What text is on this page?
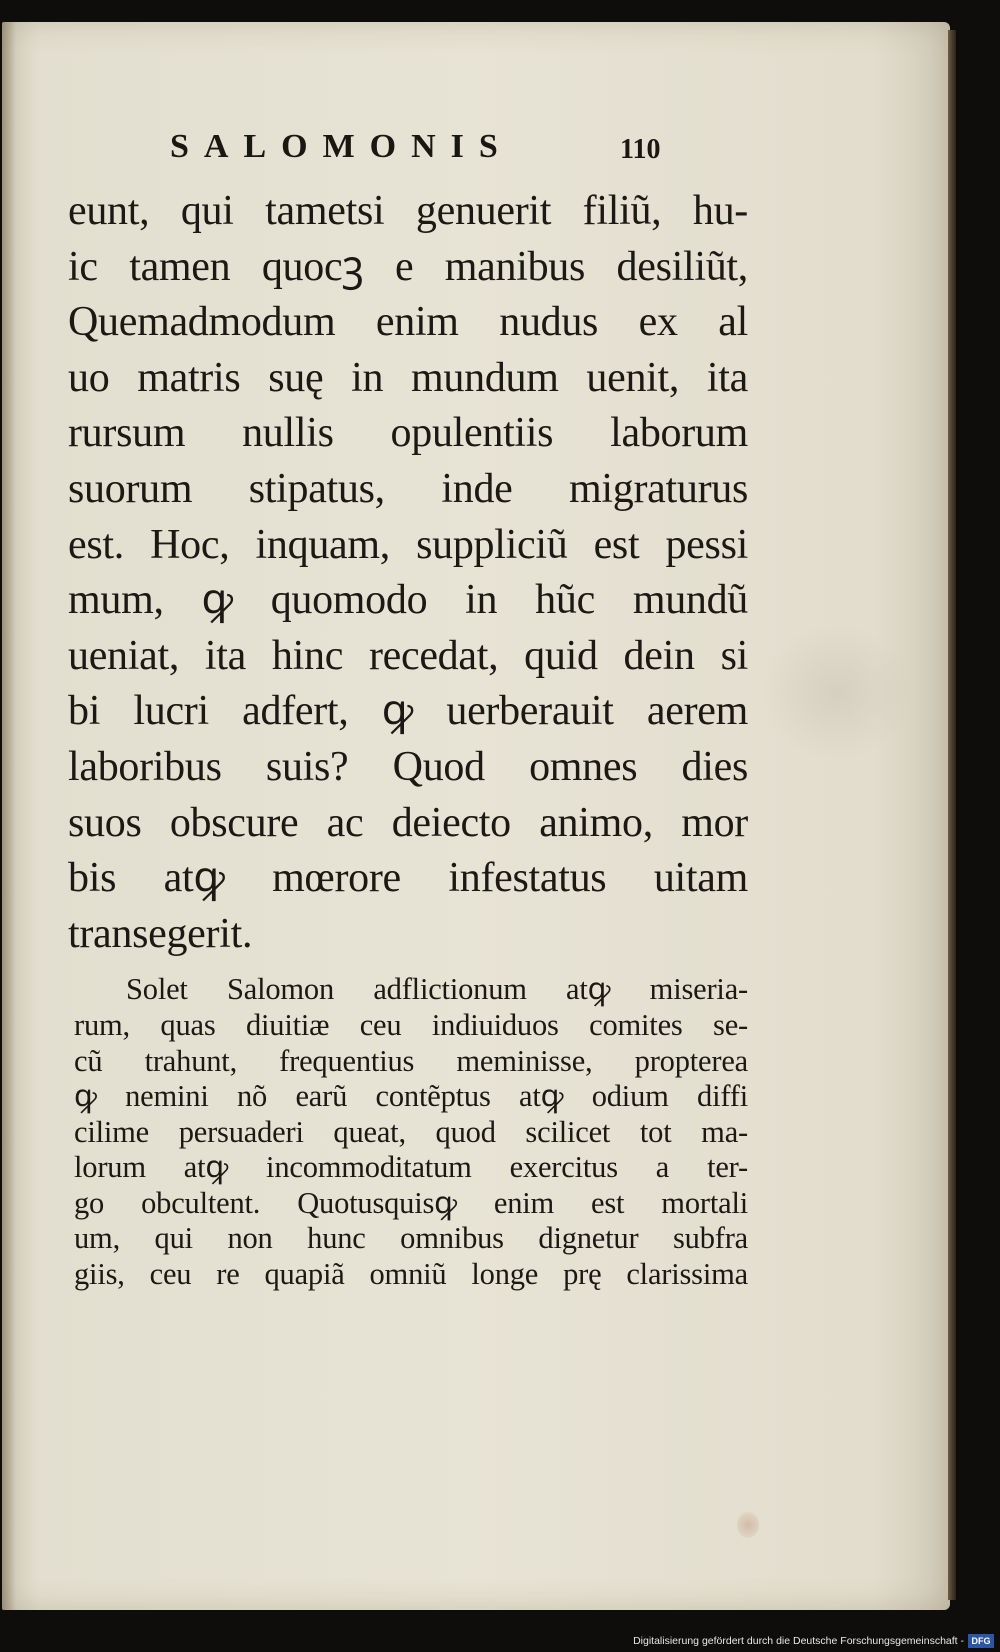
SALOMONIS	110
eunt, qui tametsi genuerit filiũ, hu-
ic tamen quocꝫ e manibus desiliũt,
Quemadmodum enim nudus ex al
uo matris suę in mundum uenit, ita
rursum nullis opulentiis laborum
suorum stipatus, inde migraturus
est. Hoc, inquam, suppliciũ est pessi
mum, ꝙ quomodo in hũc mundũ
ueniat, ita hinc recedat, quid dein si
bi lucri adfert, ꝙ uerberauit aerem
laboribus suis? Quod omnes dies
suos obscure ac deiecto animo, mor
bis atꝙ mœrore infestatus uitam
transegerit.
Solet Salomon adflictionum atꝙ miseria-
rum, quas diuitiæ ceu indiuiduos comites se-
cũ trahunt, frequentius meminisse, propterea
ꝙ nemini nõ earũ contẽptus atꝙ odium diffi
cilime persuaderi queat, quod scilicet tot ma-
lorum atꝙ incommoditatum exercitus a ter-
go obcultent. Quotusquisꝙ enim est mortali
um, qui non hunc omnibus dignetur subfra
giis, ceu re quapiã omniũ longe prę clarissima
Digitalisierung gefördert durch die Deutsche Forschungsgemeinschaft - DFG
